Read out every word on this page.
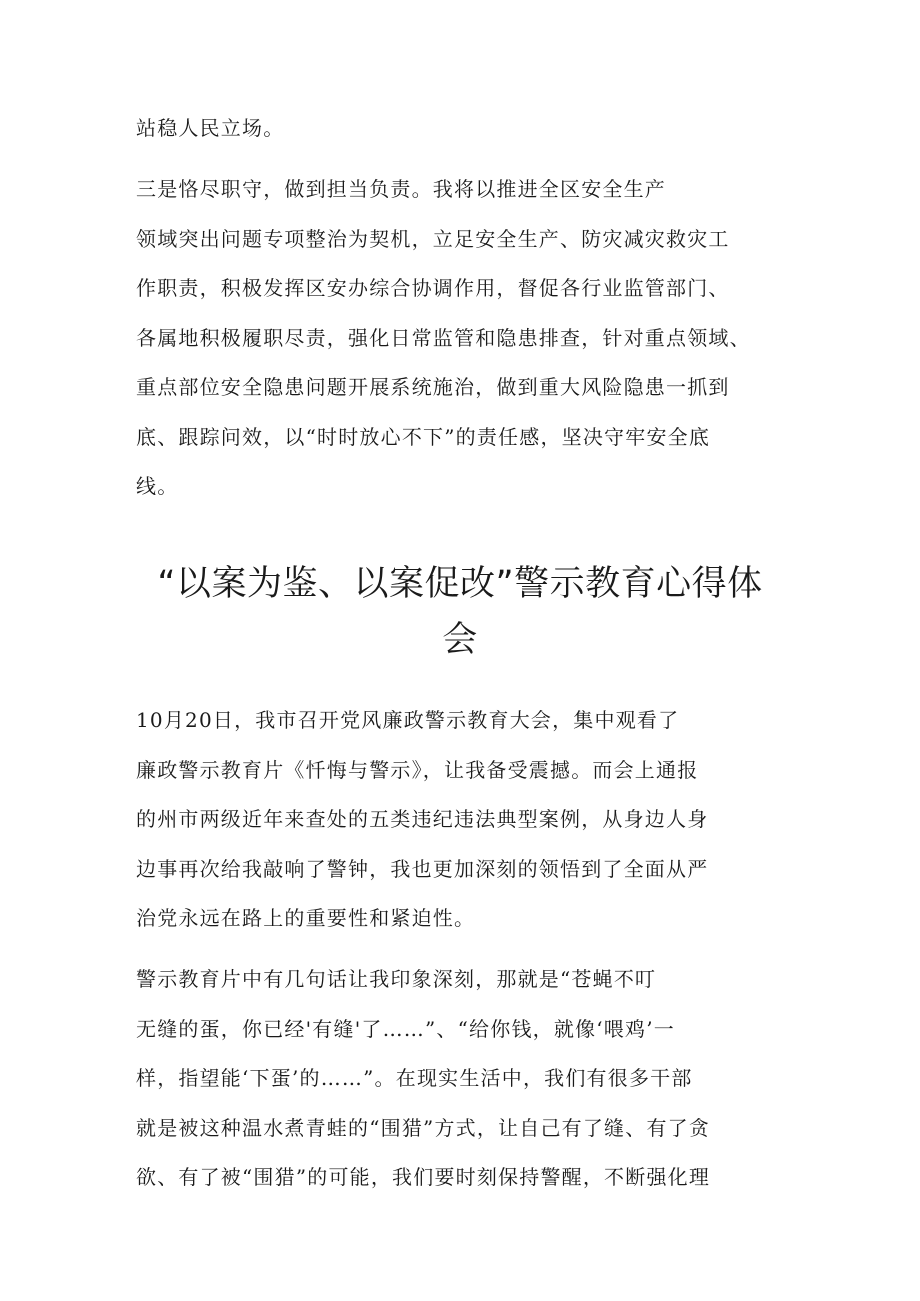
站稳人民立场。

三是恪尽职守，做到担当负责。我将以推进全区安全生产
领域突出问题专项整治为契机，立足安全生产、防灾减灾救灾工
作职责，积极发挥区安办综合协调作用，督促各行业监管部门、
各属地积极履职尽责，强化日常监管和隐患排查，针对重点领域、
重点部位安全隐患问题开展系统施治，做到重大风险隐患一抓到
底、跟踪问效，以“时时放心不下”的责任感，坚决守牢安全底
线。

“以案为鉴、以案促改”警示教育心得体
会

10月20日，我市召开党风廉政警示教育大会，集中观看了
廉政警示教育片《忏悔与警示》，让我备受震撼。而会上通报
的州市两级近年来查处的五类违纪违法典型案例，从身边人身
边事再次给我敲响了警钟，我也更加深刻的领悟到了全面从严
治党永远在路上的重要性和紧迫性。

警示教育片中有几句话让我印象深刻，那就是“苍蝇不叮
无缝的蛋，你已经'有缝'了……”、“给你钱，就像‘喂鸡’一
样，指望能‘下蛋’的……”。在现实生活中，我们有很多干部
就是被这种温水煮青蛙的“围猎”方式，让自己有了缝、有了贪
欲、有了被“围猎”的可能，我们要时刻保持警醒，不断强化理
